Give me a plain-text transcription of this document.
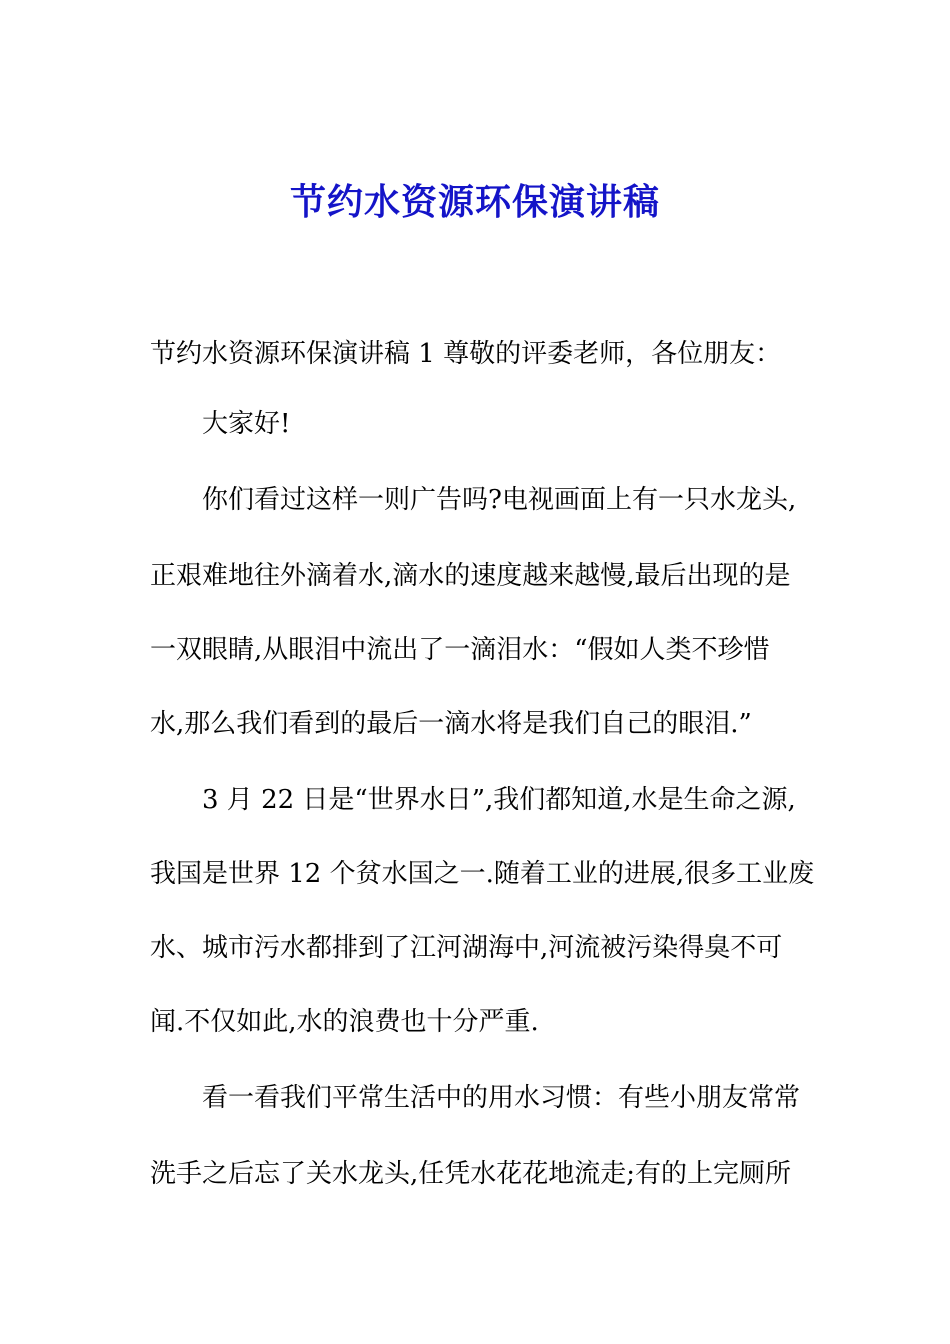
节约水资源环保演讲稿
节约水资源环保演讲稿 1 尊敬的评委老师，各位朋友：
大家好!
你们看过这样一则广告吗?电视画面上有一只水龙头,
正艰难地往外滴着水,滴水的速度越来越慢,最后出现的是
一双眼睛,从眼泪中流出了一滴泪水：“假如人类不珍惜
水,那么我们看到的最后一滴水将是我们自己的眼泪.”
3 月 22 日是“世界水日”,我们都知道,水是生命之源,
我国是世界 12 个贫水国之一.随着工业的进展,很多工业废
水、城市污水都排到了江河湖海中,河流被污染得臭不可
闻.不仅如此,水的浪费也十分严重.
看一看我们平常生活中的用水习惯：有些小朋友常常
洗手之后忘了关水龙头,任凭水花花地流走;有的上完厕所
